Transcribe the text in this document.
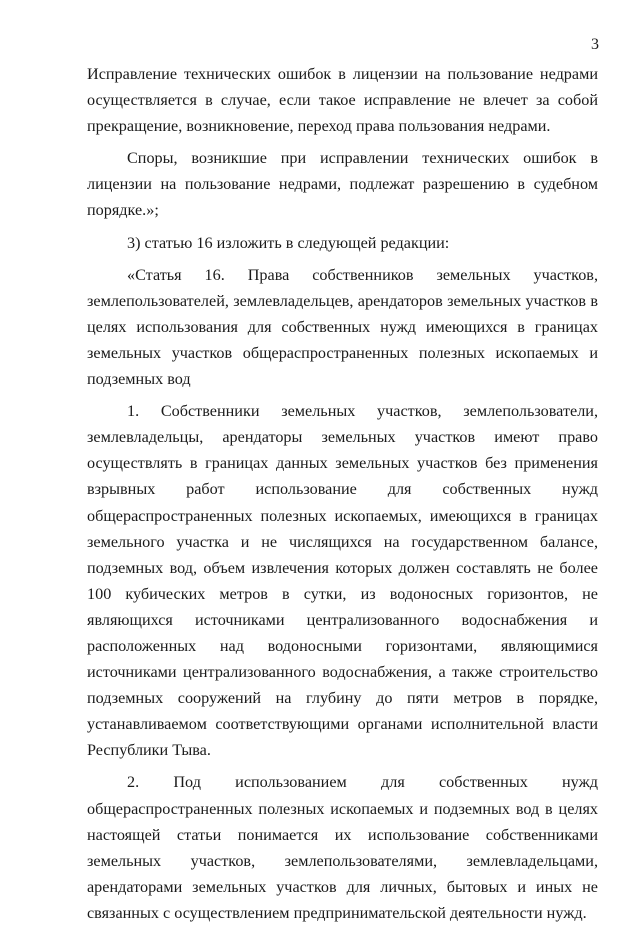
3

Исправление технических ошибок в лицензии на пользование недрами осуществляется в случае, если такое исправление не влечет за собой прекращение, возникновение, переход права пользования недрами.

Споры, возникшие при исправлении технических ошибок в лицензии на пользование недрами, подлежат разрешению в судебном порядке.»;

3) статью 16 изложить в следующей редакции:

«Статья 16. Права собственников земельных участков, землепользователей, землевладельцев, арендаторов земельных участков в целях использования для собственных нужд имеющихся в границах земельных участков общераспространенных полезных ископаемых и подземных вод

1. Собственники земельных участков, землепользователи, землевладельцы, арендаторы земельных участков имеют право осуществлять в границах данных земельных участков без применения взрывных работ использование для собственных нужд общераспространенных полезных ископаемых, имеющихся в границах земельного участка и не числящихся на государственном балансе, подземных вод, объем извлечения которых должен составлять не более 100 кубических метров в сутки, из водоносных горизонтов, не являющихся источниками централизованного водоснабжения и расположенных над водоносными горизонтами, являющимися источниками централизованного водоснабжения, а также строительство подземных сооружений на глубину до пяти метров в порядке, устанавливаемом соответствующими органами исполнительной власти Республики Тыва.

2. Под использованием для собственных нужд общераспространенных полезных ископаемых и подземных вод в целях настоящей статьи понимается их использование собственниками земельных участков, землепользователями, землевладельцами, арендаторами земельных участков для личных, бытовых и иных не связанных с осуществлением предпринимательской деятельности нужд.
